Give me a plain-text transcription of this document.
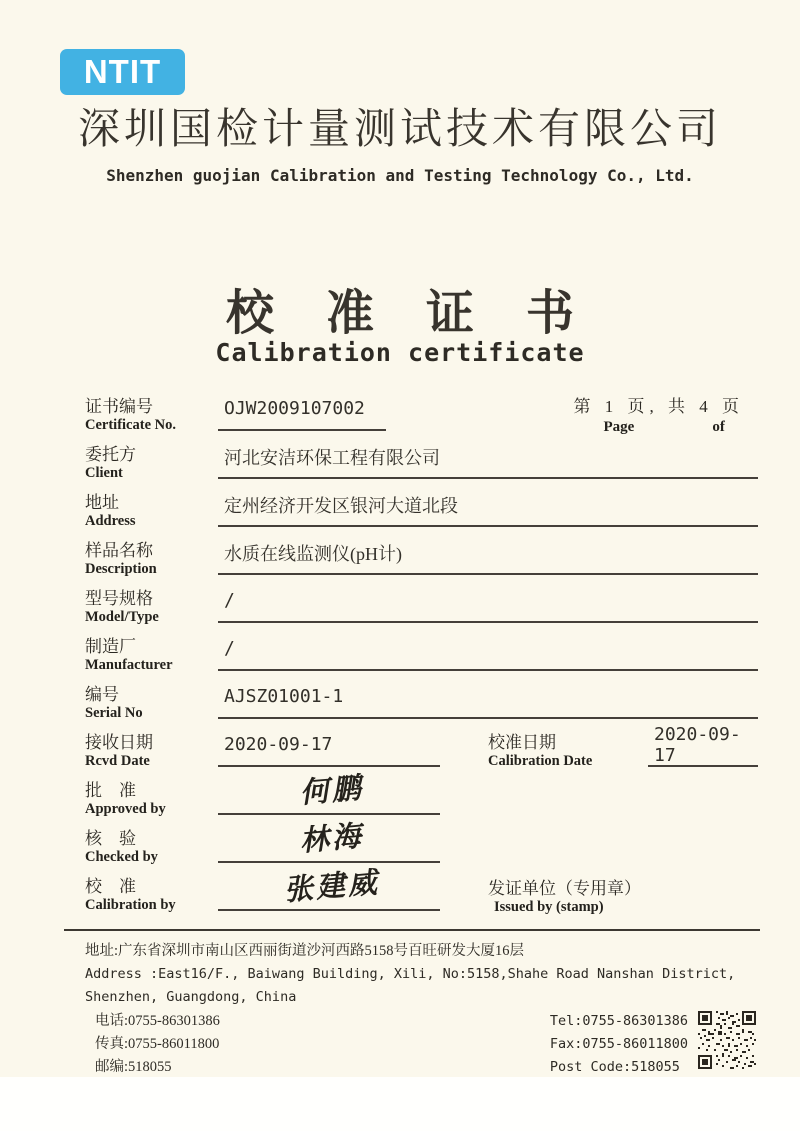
NTIT
深圳国检计量测试技术有限公司
Shenzhen guojian Calibration and Testing Technology Co., Ltd.
校准证书
Calibration certificate
证书编号
Certificate No.
OJW2009107002	第 1 页, 共 4 页
Page	of
委托方
Client
河北安洁环保工程有限公司
地址
Address
定州经济开发区银河大道北段
样品名称
Description
水质在线监测仪(pH计)
型号规格
Model/Type
/
制造厂
Manufacturer
/
编号
Serial No
AJSZ01001-1
接收日期
Rcvd Date
2020-09-17	校准日期
Calibration Date
2020-09-17
批　准
Approved by	何鹏
核　验
Checked by	林海
校　准
Calibration by	张建威	发证单位（专用章）
Issued by (stamp)
地址:广东省深圳市南山区西丽街道沙河西路5158号百旺研发大厦16层
Address :East16/F., Baiwang Building, Xili, No:5158,Shahe Road Nanshan District, Shenzhen, Guangdong, China
电话:0755-86301386
传真:0755-86011800
邮编:518055
Tel:0755-86301386
Fax:0755-86011800
Post Code:518055
